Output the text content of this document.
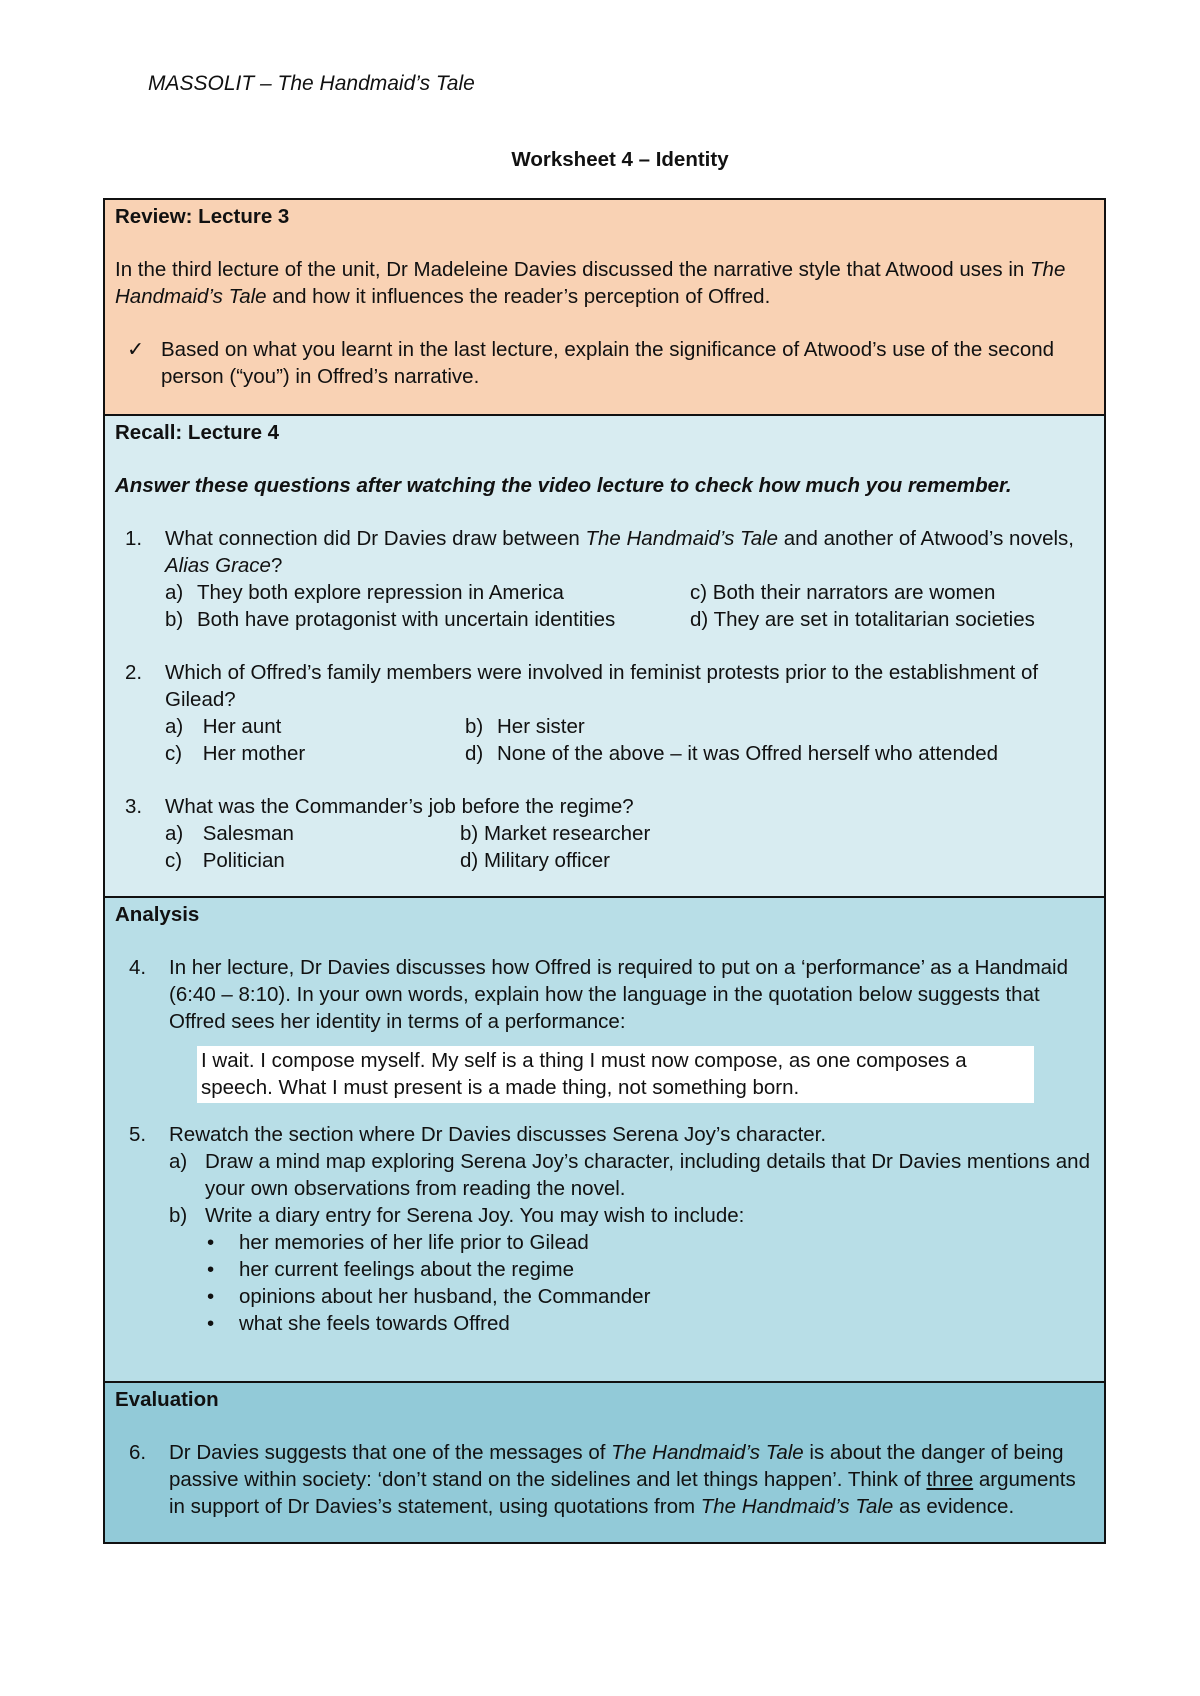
MASSOLIT – The Handmaid’s Tale
Worksheet 4 – Identity
Review: Lecture 3

In the third lecture of the unit, Dr Madeleine Davies discussed the narrative style that Atwood uses in The Handmaid’s Tale and how it influences the reader’s perception of Offred.

✓ Based on what you learnt in the last lecture, explain the significance of Atwood’s use of the second person (“you”) in Offred’s narrative.
Recall: Lecture 4

Answer these questions after watching the video lecture to check how much you remember.

1.	What connection did Dr Davies draw between The Handmaid’s Tale and another of Atwood’s novels, Alias Grace?

a) They both explore repression in America	c) Both their narrators are women
b) Both have protagonist with uncertain identities	d) They are set in totalitarian societies
2.	Which of Offred’s family members were involved in feminist protests prior to the establishment of Gilead?

a) Her aunt	b) Her sister
c) Her mother	d) None of the above – it was Offred herself who attended
3.	What was the Commander’s job before the regime?

a) Salesman	b) Market researcher
c) Politician	d) Military officer
Analysis
4.	In her lecture, Dr Davies discusses how Offred is required to put on a ‘performance’ as a Handmaid (6:40 – 8:10). In your own words, explain how the language in the quotation below suggests that Offred sees her identity in terms of a performance:

I wait. I compose myself. My self is a thing I must now compose, as one composes a speech. What I must present is a made thing, not something born.
5.	Rewatch the section where Dr Davies discusses Serena Joy’s character.

a) Draw a mind map exploring Serena Joy’s character, including details that Dr Davies mentions and your own observations from reading the novel.
b) Write a diary entry for Serena Joy. You may wish to include:
• her memories of her life prior to Gilead
• her current feelings about the regime
• opinions about her husband, the Commander
• what she feels towards Offred
Evaluation
6.	Dr Davies suggests that one of the messages of The Handmaid’s Tale is about the danger of being passive within society: ‘don’t stand on the sidelines and let things happen’. Think of three arguments in support of Dr Davies’s statement, using quotations from The Handmaid’s Tale as evidence.
